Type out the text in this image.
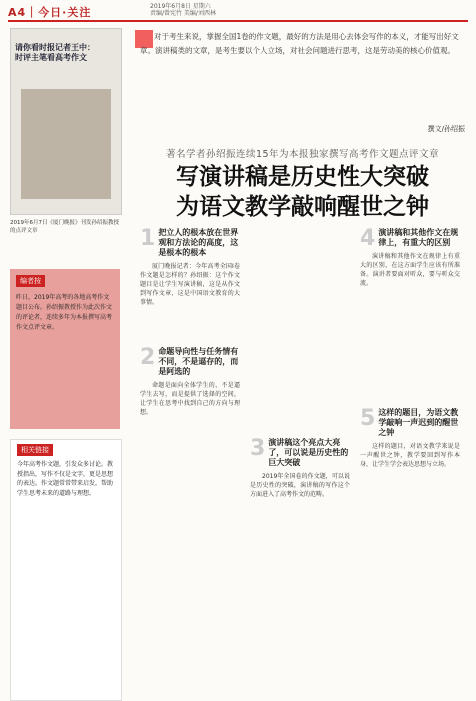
A4｜今日·关注	2019年6月8日 星期六
责编/曾宪竹 美编/刘西林
请你看时报记者王中：时评主笔看高考作文
2019年6月7日《厦门晚报》刊发孙绍振教授的点评文章
编者按
昨日，2019年高考的各地高考作文题目公布。孙绍振教授作为此次作文的评论者，连续多年为本报撰写高考作文点评文章。
相关链接
今年高考作文题，引发众多讨论。教授指出，写作不仅是文字，更是思想的表达。作文题常常带来启发，帮助学生思考未来的道路与理想。
对于考生来说，掌握全国1卷的作文题，最好的方法是用心去体会写作的本义，才能写出好文章。演讲稿类的文章，是考生要以个人立场，对社会问题进行思考，这是劳动美的核心价值观。
撰文/孙绍振
著名学者孙绍振连续15年为本报独家撰写高考作文题点评文章
写演讲稿是历史性大突破
为语文教学敲响醒世之钟
1 把立人的根本放在世界观和方法论的高度，这是根本的根本
厦门晚报记者：今年高考全国I卷作文题是怎样的？孙绍振：这个作文题目是让学生写演讲稿，这是从作文到写作文章，这是中国语文教育的大事情。
2 命题导向性与任务情有不同，不是逼存的，而是阿选的
命题是面向全体学生的，不是逼学生去写，而是提供了选择的空间，让学生在思考中找到自己的方向与理想。
3 演讲稿这个亮点大亮了，可以说是历史性的巨大突破
2019年全国卷的作文题，可以说是历史性的突破，演讲稿的写作这个方面进入了高考作文的范畴。
4 演讲稿和其他作文在规律上，有重大的区别
演讲稿和其他作文在规律上有重大的区别，在这方面学生应该有所准备。演讲者要面对听众，要与听众交流。
5 这样的题目，为语文教学敲响一声迟到的醒世之钟
这样的题目，对语文教学来说是一声醒世之钟，教学要回到写作本身，让学生学会表达思想与立场。
